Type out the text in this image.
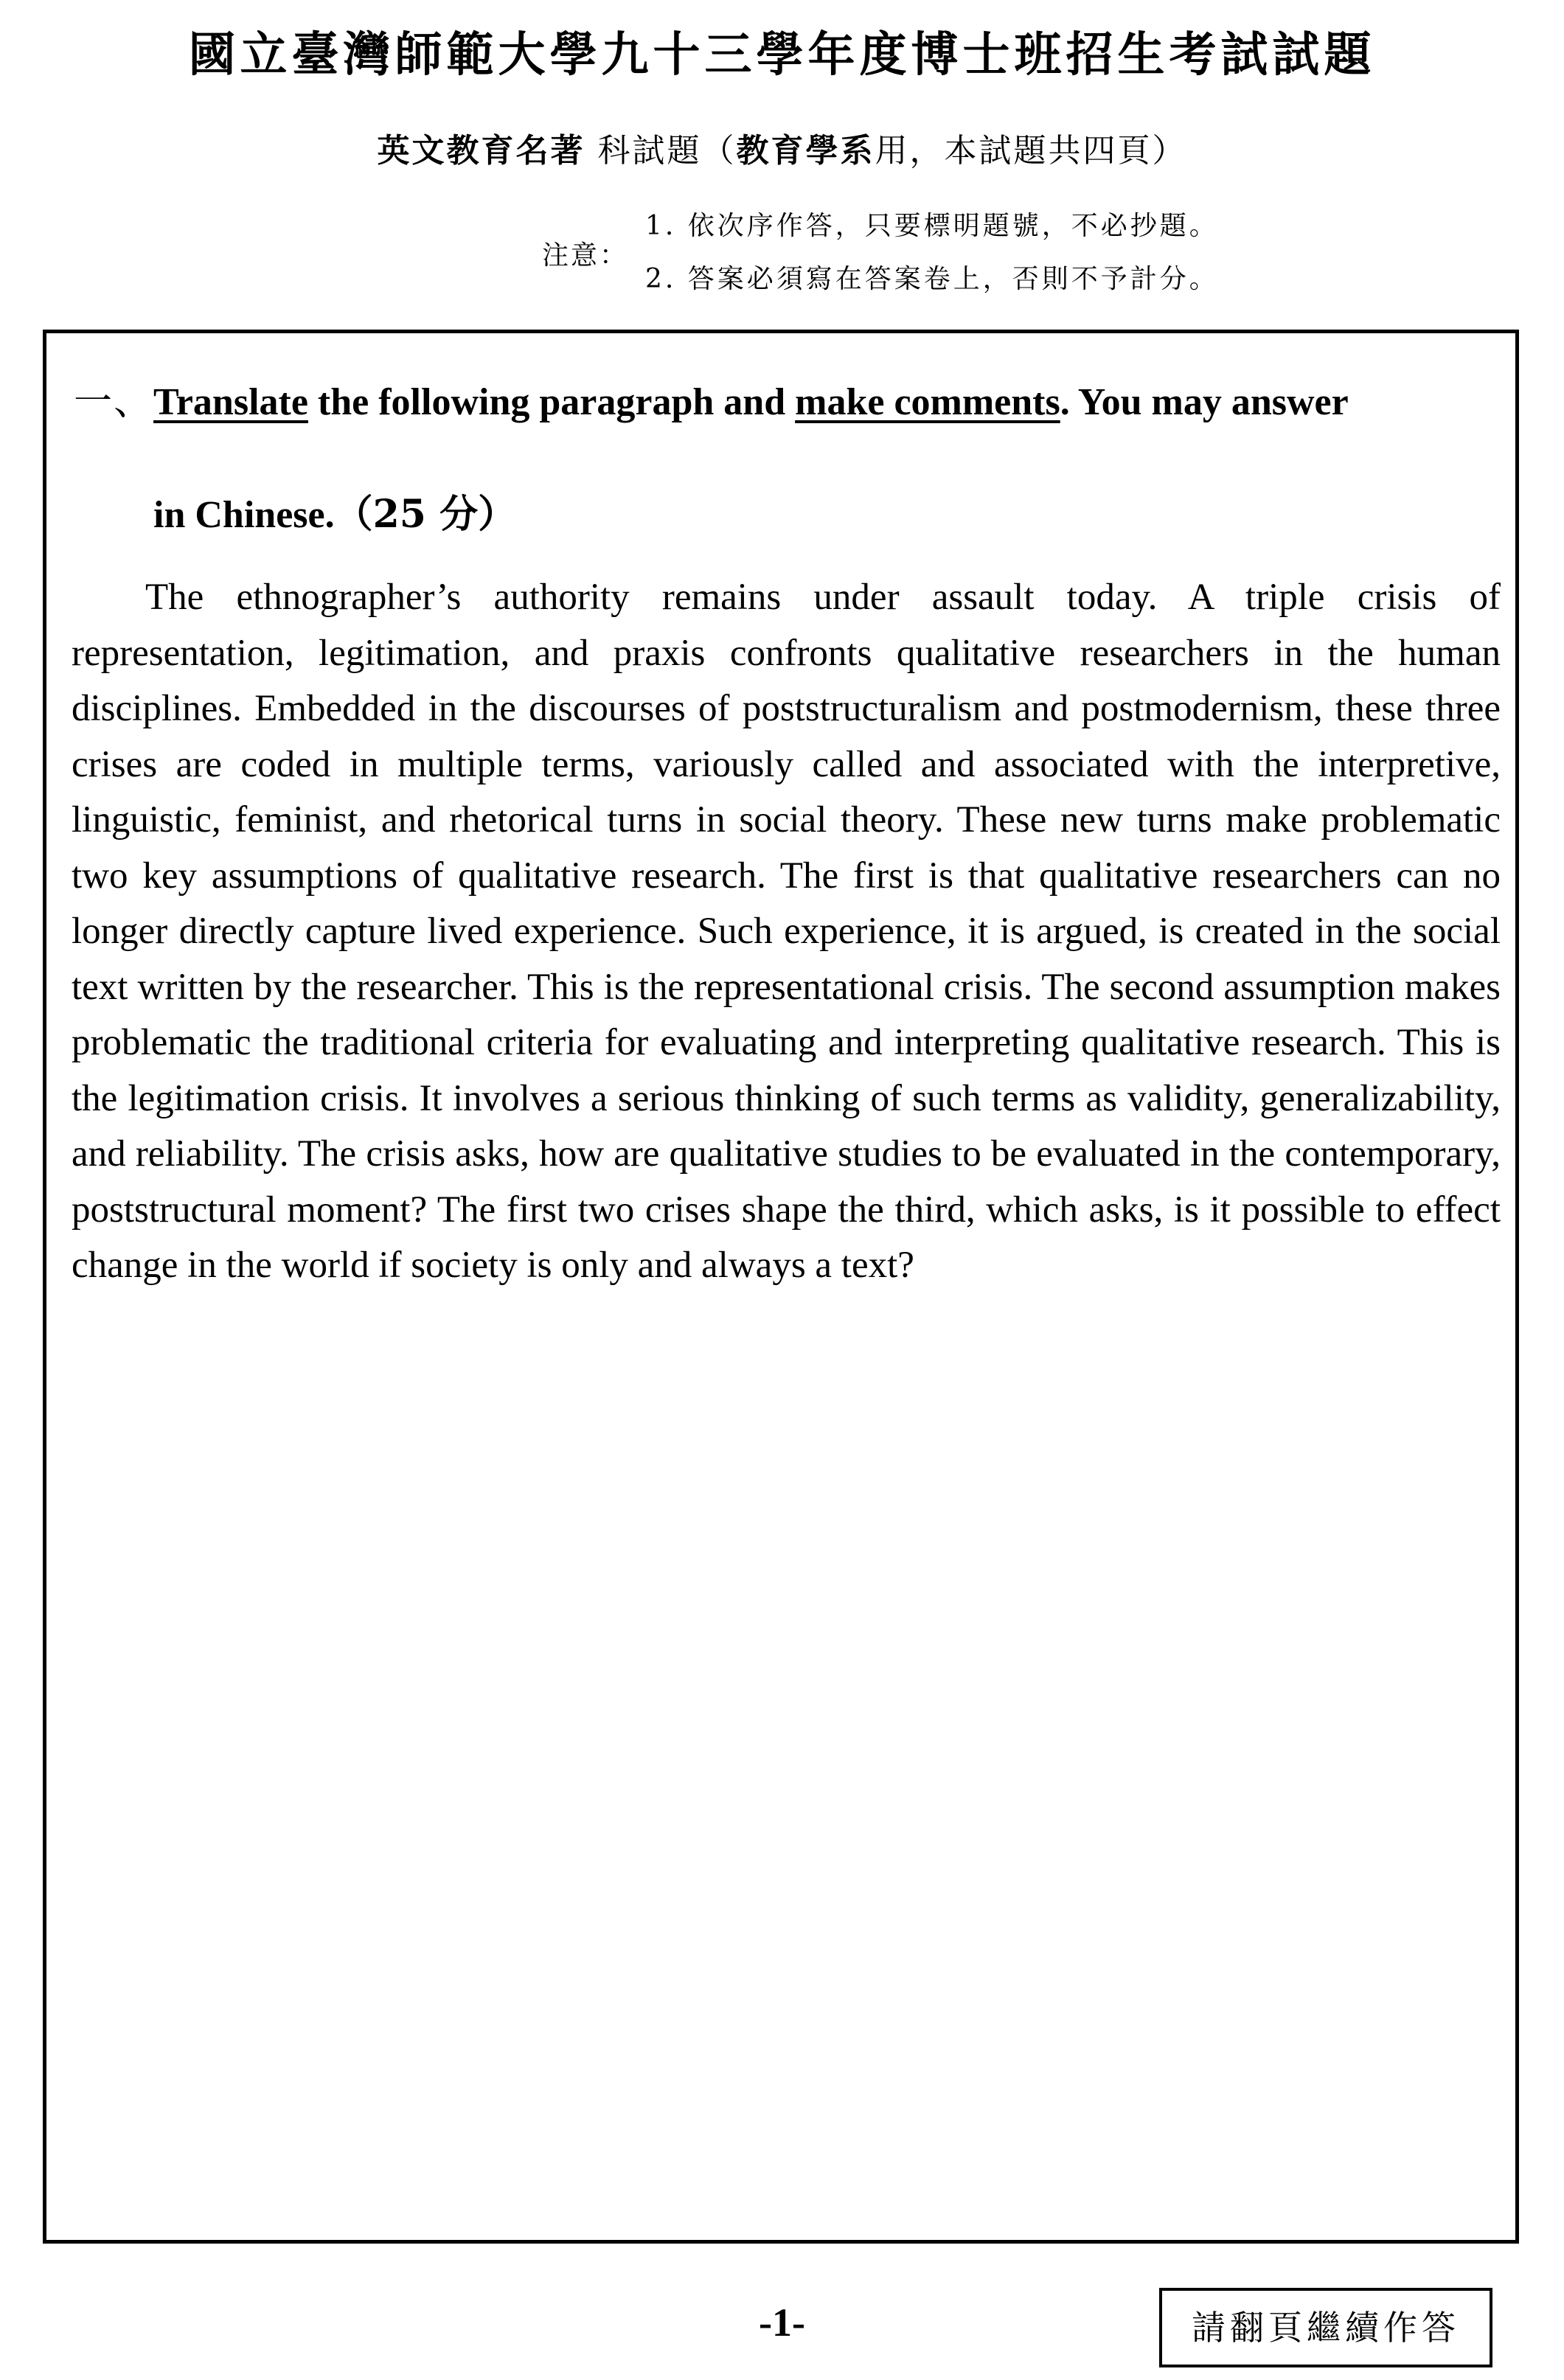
國立臺灣師範大學九十三學年度博士班招生考試試題
英文教育名著 科試題（教育學系用，本試題共四頁）
注意：
1. 依次序作答，只要標明題號，不必抄題。
2. 答案必須寫在答案卷上，否則不予計分。
一、Translate the following paragraph and make comments. You may answer
in Chinese.（25 分）
The ethnographer’s authority remains under assault today. A triple crisis of representation, legitimation, and praxis confronts qualitative researchers in the human disciplines. Embedded in the discourses of poststructuralism and postmodernism, these three crises are coded in multiple terms, variously called and associated with the interpretive, linguistic, feminist, and rhetorical turns in social theory. These new turns make problematic two key assumptions of qualitative research. The first is that qualitative researchers can no longer directly capture lived experience. Such experience, it is argued, is created in the social text written by the researcher. This is the representational crisis. The second assumption makes problematic the traditional criteria for evaluating and interpreting qualitative research. This is the legitimation crisis. It involves a serious thinking of such terms as validity, generalizability, and reliability. The crisis asks, how are qualitative studies to be evaluated in the contemporary, poststructural moment? The first two crises shape the third, which asks, is it possible to effect change in the world if society is only and always a text?
-1-	請翻頁繼續作答
